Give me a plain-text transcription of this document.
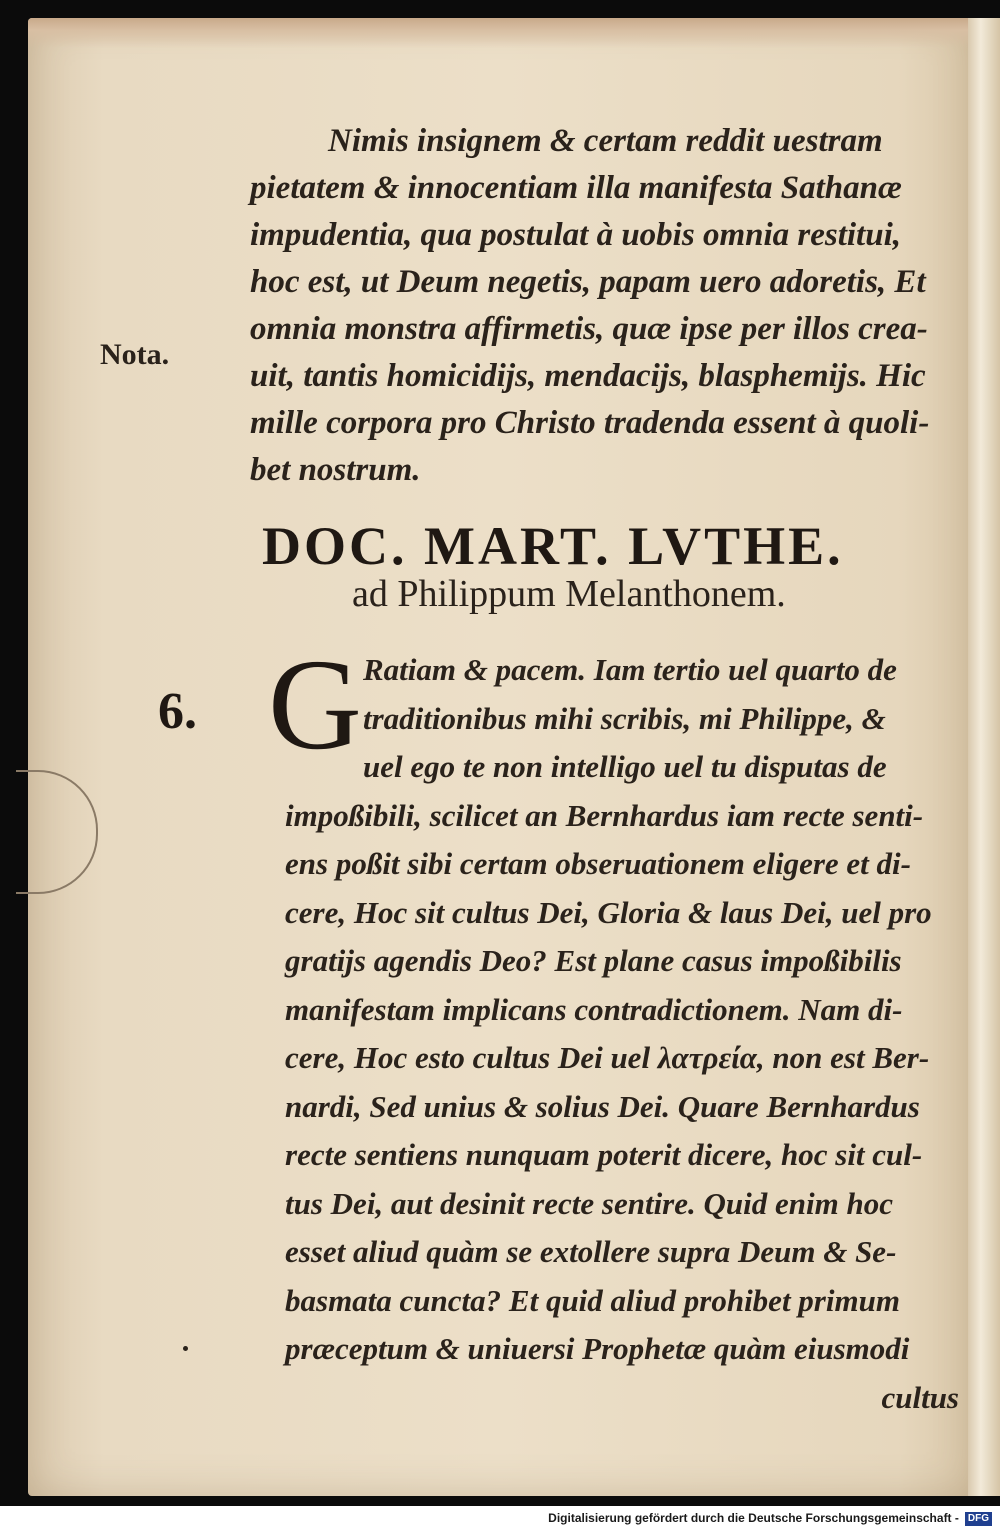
Nota.
Nimis insignem & certam reddit uestram
pietatem & innocentiam illa manifesta Sathanæ
impudentia, qua postulat à uobis omnia restitui,
hoc est, ut Deum negetis, papam uero adoretis, Et
omnia monstra affirmetis, quæ ipse per illos crea-
uit, tantis homicidijs, mendacijs, blasphemijs. Hic
mille corpora pro Christo tradenda essent à quoli-
bet nostrum.
DOC. MART. LVTHE.
ad Philippum Melanthonem.
6. G Ratiam & pacem. Iam tertio uel quarto de
traditionibus mihi scribis, mi Philippe, &
uel ego te non intelligo uel tu disputas de
impoßibili, scilicet an Bernhardus iam recte senti-
ens poßit sibi certam obseruationem eligere et di-
cere, Hoc sit cultus Dei, Gloria & laus Dei, uel pro
gratijs agendis Deo? Est plane casus impoßibilis
manifestam implicans contradictionem. Nam di-
cere, Hoc esto cultus Dei uel λατρεία, non est Ber-
nardi, Sed unius & solius Dei. Quare Bernhardus
recte sentiens nunquam poterit dicere, hoc sit cul-
tus Dei, aut desinit recte sentire. Quid enim hoc
esset aliud quàm se extollere supra Deum & Se-
basmata cuncta? Et quid aliud prohibet primum
præceptum & uniuersi Prophetæ quàm eiusmodi
cultus
Digitalisierung gefördert durch die Deutsche Forschungsgemeinschaft - DFG
